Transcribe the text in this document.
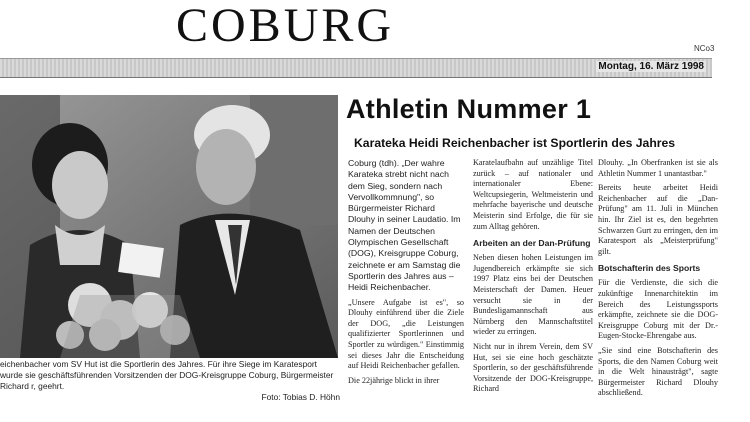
COBURG	NCo3
Montag, 16. März 1998
eichenbacher vom SV Hut ist die Sportlerin des Jahres. Für ihre Siege im Karatesport wurde sie geschäftsführenden Vorsitzenden der DOG-Kreisgruppe Coburg, Bürgermeister Richard r, geehrt.
Foto: Tobias D. Höhn
Athletin Nummer 1
Karateka Heidi Reichenbacher ist Sportlerin des Jahres

Coburg (tdh). „Der wahre Karateka strebt nicht nach dem Sieg, sondern nach Vervollkommnung", so Bürgermeister Richard Dlouhy in seiner Laudatio. Im Namen der Deutschen Olympischen Gesellschaft (DOG), Kreisgruppe Coburg, zeichnete er am Samstag die Sportlerin des Jahres aus – Heidi Reichenbacher.

„Unsere Aufgabe ist es", so Dlouhy einführend über die Ziele der DOG, „die Leistungen qualifizierter Sportlerinnen und Sportler zu würdigen." Einstimmig sei dieses Jahr die Entscheidung auf Heidi Reichenbacher gefallen.

Die 22jährige blickt in ihrer

Karatelaufbahn auf unzählige Titel zurück – auf nationaler und internationaler Ebene: Weltcupsiegerin, Weltmeisterin und mehrfache bayerische und deutsche Meisterin sind Erfolge, die für sie zum Alltag gehören.

Arbeiten an der Dan-Prüfung

Neben diesen hohen Leistungen im Jugendbereich erkämpfte sie sich 1997 Platz eins bei der Deutschen Meisterschaft der Damen. Heuer versucht sie in der Bundesligamannschaft aus Nürnberg den Mannschaftstitel wieder zu erringen.

Nicht nur in ihrem Verein, dem SV Hut, sei sie eine hoch geschätzte Sportlerin, so der geschäftsführende Vorsitzende der DOG-Kreisgruppe, Richard

Dlouhy. „In Oberfranken ist sie als Athletin Nummer 1 unantastbar."

Bereits heute arbeitet Heidi Reichenbacher auf die „Dan-Prüfung" am 11. Juli in München hin. Ihr Ziel ist es, den begehrten Schwarzen Gurt zu erringen, den im Karatesport als „Meisterprüfung" gilt.

Botschafterin des Sports

Für die Verdienste, die sich die zukünftige Innenarchitektin im Bereich des Leistungssports erkämpfte, zeichnete sie die DOG-Kreisgruppe Coburg mit der Dr.-Eugen-Stocke-Ehrengabe aus.

„Sie sind eine Botschafterin des Sports, die den Namen Coburg weit in die Welt hinausträgt", sagte Bürgermeister Richard Dlouhy abschließend.
